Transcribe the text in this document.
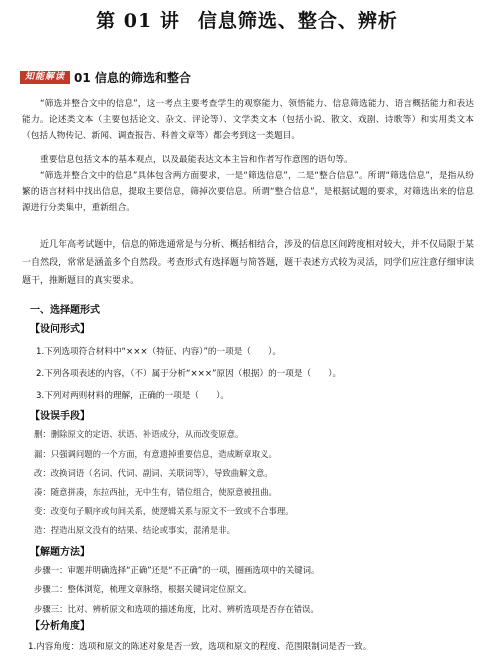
第 01 讲 信息筛选、整合、辨析
知能解读 01 信息的筛选和整合

“筛选并整合文中的信息”，这一考点主要考查学生的观察能力、领悟能力、信息筛选能力、语言概括能力和表达能力。论述类文本（主要包括论文、杂文、评论等）、文学类文本（包括小说、散文、戏剧、诗歌等）和实用类文本（包括人物传记、新闻、调查报告、科普文章等）都会考到这一类题目。

重要信息包括文本的基本观点，以及最能表达文本主旨和作者写作意图的语句等。

“筛选并整合文中的信息”具体包含两方面要求，一是“筛选信息”，二是“整合信息”。所谓“筛选信息”，是指从纷繁的语言材料中找出信息，提取主要信息，筛掉次要信息。所谓“整合信息”，是根据试题的要求，对筛选出来的信息源进行分类集中，重新组合。

近几年高考试题中，信息的筛选通常是与分析、概括相结合，涉及的信息区间跨度相对较大，并不仅局限于某一自然段，常常是涵盖多个自然段。考查形式有选择题与简答题，题干表述方式较为灵活，同学们应注意仔细审读题干，推断题目的真实要求。

一、选择题形式
【设问形式】
1.下列选项符合材料中“×××（特征、内容）”的一项是（　　）。
2.下列各项表述的内容，（不）属于分析“×××”原因（根据）的一项是（　　）。
3.下列对两则材料的理解，正确的一项是（　　）。
【设误手段】
删：删除原文的定语、状语、补语成分，从而改变原意。
漏：只强调问题的一个方面，有意遗掉重要信息，造成断章取义。
改：改换词语（名词、代词、副词、关联词等），导致曲解文意。
凑：随意拼凑，东拉西扯，无中生有，错位组合，使原意被扭曲。
变：改变句子顺序或句间关系，使逻辑关系与原文不一致或不合事理。
造：捏造出原文没有的结果、结论或事实，混淆是非。
【解题方法】
步骤一：审题并明确选择“正确”还是“不正确”的一项，圈画选项中的关键词。
步骤二：整体浏览，梳理文章脉络，根据关键词定位原文。
步骤三：比对、辨析原文和选项的描述角度，比对、辨析选项是否存在错误。
【分析角度】
1.内容角度：选项和原文的陈述对象是否一致，选项和原文的程度、范围限制词是否一致。
